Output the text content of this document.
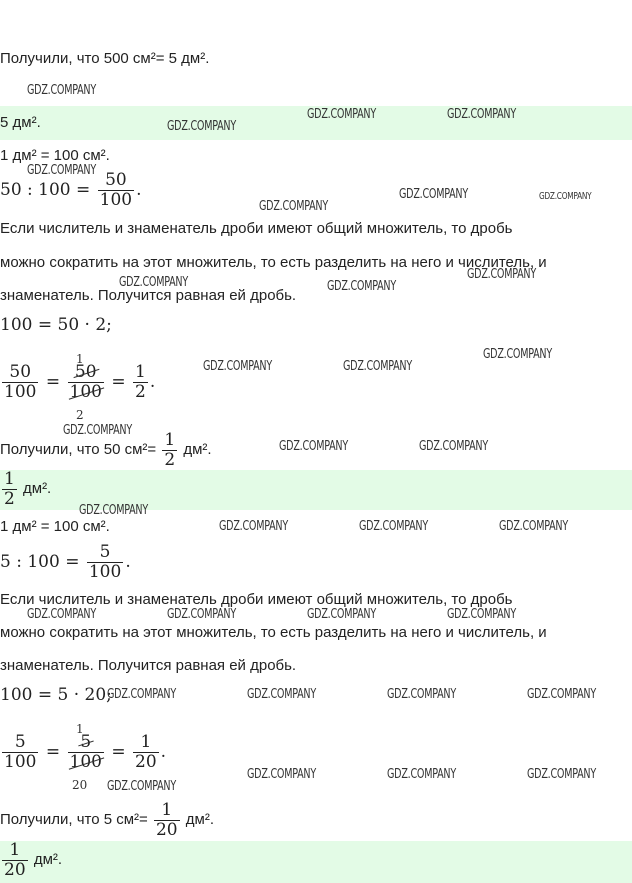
Получили, что 500 см²= 5 дм².
5 дм².
1 дм² = 100 см².
50 : $100 = \frac{50}{100}$ .
Если числитель и знаменатель дроби имеют общий множитель, то дробь
можно сократить на этот множитель, то есть разделить на него и числитель, и
знаменатель. Получится равная ей дробь.
100 = 50 · 2;
$\frac{50}{100} = \frac{50}{100} = \frac{1}{2}$ .
1
2
Получили, что 50 $см^2= \frac{1}{2} дм^2$.
$\frac{1}{2} дм^2$.
1 дм² = 100 см².
5 : $100 = \frac{5}{100}$ .
Если числитель и знаменатель дроби имеют общий множитель, то дробь
можно сократить на этот множитель, то есть разделить на него и числитель, и
знаменатель. Получится равная ей дробь.
100 = 5 · 20;
$\frac{5}{100} = \frac{5}{100} = \frac{1}{20}$ .
1
20
Получили, что 5 $см^2= \frac{1}{20} дм^2$.
$\frac{1}{20} дм^2$.
GDZ.COMPANY
GDZ.COMPANY
GDZ.COMPANY	GDZ.COMPANY
GDZ.COMPANY
GDZ.COMPANY	GDZ.COMPANY
GDZ.COMPANY
GDZ.COMPANY
GDZ.COMPANY	GDZ.COMPANY
GDZ.COMPANY
GDZ.COMPANY	GDZ.COMPANY
GDZ.COMPANY
GDZ.COMPANY	GDZ.COMPANY
GDZ.COMPANY
GDZ.COMPANY	GDZ.COMPANY	GDZ.COMPANY
GDZ.COMPANY	GDZ.COMPANY	GDZ.COMPANY	GDZ.COMPANY
GDZ.COMPANY	GDZ.COMPANY	GDZ.COMPANY	GDZ.COMPANY
GDZ.COMPANY	GDZ.COMPANY	GDZ.COMPANY
GDZ.COMPANY
